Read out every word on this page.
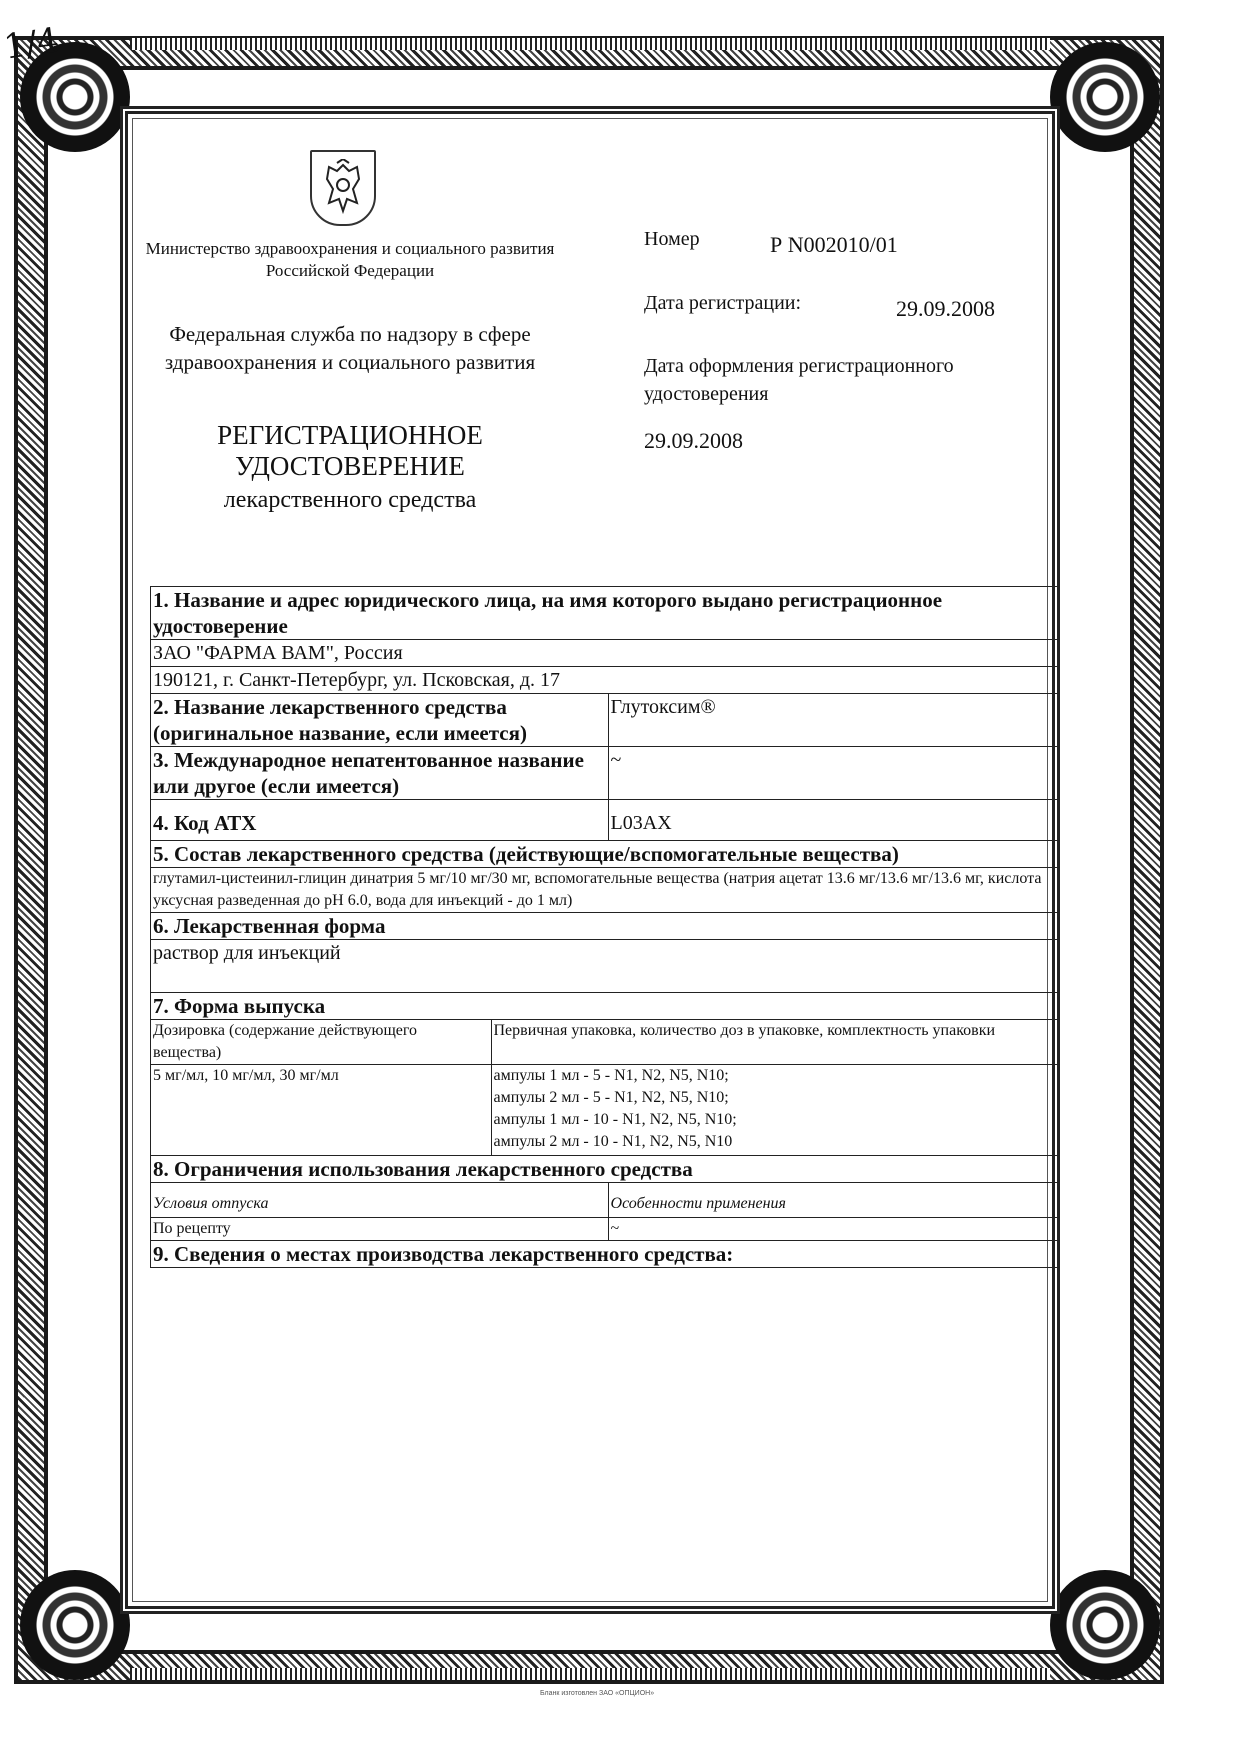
1/4
Бланк изготовлен ЗАО «ОПЦИОН»
Министерство здравоохранения и социального развития Российской Федерации
Федеральная служба по надзору в сфере здравоохранения и социального развития
РЕГИСТРАЦИОННОЕ УДОСТОВЕРЕНИЕ
лекарственного средства
Номер	Р N002010/01
Дата регистрации:	29.09.2008
Дата оформления регистрационного удостоверения
29.09.2008
1. Название и адрес юридического лица, на имя которого выдано регистрационное удостоверение
ЗАО "ФАРМА ВАМ", Россия
190121, г. Санкт-Петербург, ул. Псковская, д. 17
2. Название лекарственного средства (оригинальное название, если имеется)	Глутоксим®
3. Международное непатентованное название или другое (если имеется)	~
4. Код АТХ	L03AX
5. Состав лекарственного средства (действующие/вспомогательные вещества)
глутамил-цистеинил-глицин динатрия 5 мг/10 мг/30 мг, вспомогательные вещества (натрия ацетат 13.6 мг/13.6 мг/13.6 мг, кислота уксусная разведенная до pH 6.0, вода для инъекций - до 1 мл)
6. Лекарственная форма
раствор для инъекций
7. Форма выпуска

Дозировка (содержание действующего вещества)	Первичная упаковка, количество доз в упаковке, комплектность упаковки
5 мг/мл, 10 мг/мл, 30 мг/мл	ампулы 1 мл - 5 - N1, N2, N5, N10;
ампулы 2 мл - 5 - N1, N2, N5, N10;
ампулы 1 мл - 10 - N1, N2, N5, N10;
ампулы 2 мл - 10 - N1, N2, N5, N10

8. Ограничения использования лекарственного средства
Условия отпуска	Особенности применения
По рецепту	~
9. Сведения о местах производства лекарственного средства:
